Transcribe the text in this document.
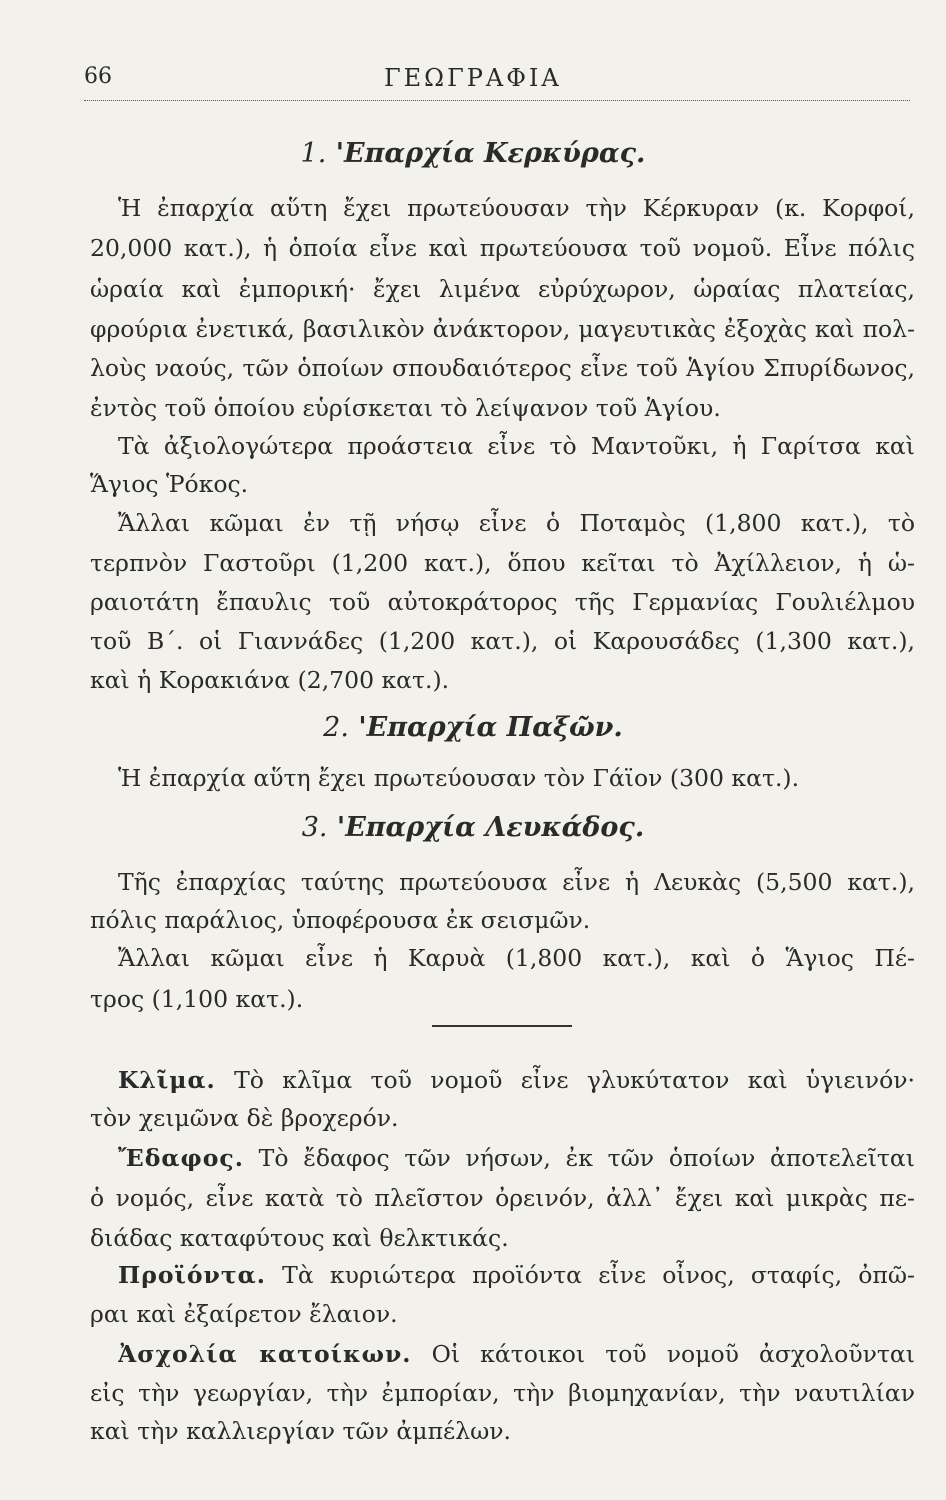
66	ΓΕΩΓΡΑΦΙΑ
1. 'Επαρχία Κερκύρας.
Ἡ ἐπαρχία αὕτη ἔχει πρωτεύουσαν τὴν Κέρκυραν (κ. Κορφοί,
20,000 κατ.), ἡ ὁποία εἶνε καὶ πρωτεύουσα τοῦ νομοῦ. Εἶνε πόλις
ὡραία καὶ ἐμπορική· ἔχει λιμένα εὐρύχωρον, ὡραίας πλατείας,
φρούρια ἐνετικά, βασιλικὸν ἀνάκτορον, μαγευτικὰς ἐξοχὰς καὶ πολ-
λοὺς ναούς, τῶν ὁποίων σπουδαιότερος εἶνε τοῦ Ἁγίου Σπυρίδωνος,
ἐντὸς τοῦ ὁποίου εὑρίσκεται τὸ λείψανον τοῦ Ἁγίου.
Τὰ ἀξιολογώτερα προάστεια εἶνε τὸ Μαντοῦκι, ἡ Γαρίτσα καὶ
Ἅγιος Ῥόκος.
Ἄλλαι κῶμαι ἐν τῇ νήσῳ εἶνε ὁ Ποταμὸς (1,800 κατ.), τὸ
τερπνὸν Γαστοῦρι (1,200 κατ.), ὅπου κεῖται τὸ Ἀχίλλειον, ἡ ὡ-
ραιοτάτη ἔπαυλις τοῦ αὐτοκράτορος τῆς Γερμανίας Γουλιέλμου
τοῦ Β΄. οἱ Γιαννάδες (1,200 κατ.), οἱ Καρουσάδες (1,300 κατ.),
καὶ ἡ Κορακιάνα (2,700 κατ.).
2. 'Επαρχία Παξῶν.
Ἡ ἐπαρχία αὕτη ἔχει πρωτεύουσαν τὸν Γάϊον (300 κατ.).
3. 'Επαρχία Λευκάδος.
Τῆς ἐπαρχίας ταύτης πρωτεύουσα εἶνε ἡ Λευκὰς (5,500 κατ.),
πόλις παράλιος, ὑποφέρουσα ἐκ σεισμῶν.
Ἄλλαι κῶμαι εἶνε ἡ Καρυὰ (1,800 κατ.), καὶ ὁ Ἅγιος Πέ-
τρος (1,100 κατ.).
Κλῖμα. Τὸ κλῖμα τοῦ νομοῦ εἶνε γλυκύτατον καὶ ὑγιεινόν·
τὸν χειμῶνα δὲ βροχερόν.
Ἔδαφος. Τὸ ἔδαφος τῶν νήσων, ἐκ τῶν ὁποίων ἀποτελεῖται
ὁ νομός, εἶνε κατὰ τὸ πλεῖστον ὀρεινόν, ἀλλ᾽ ἔχει καὶ μικρὰς πε-
διάδας καταφύτους καὶ θελκτικάς.
Προϊόντα. Τὰ κυριώτερα προϊόντα εἶνε οἶνος, σταφίς, ὀπῶ-
ραι καὶ ἐξαίρετον ἔλαιον.
Ἀσχολία κατοίκων. Οἱ κάτοικοι τοῦ νομοῦ ἀσχολοῦνται
εἰς τὴν γεωργίαν, τὴν ἐμπορίαν, τὴν βιομηχανίαν, τὴν ναυτιλίαν
καὶ τὴν καλλιεργίαν τῶν ἀμπέλων.
